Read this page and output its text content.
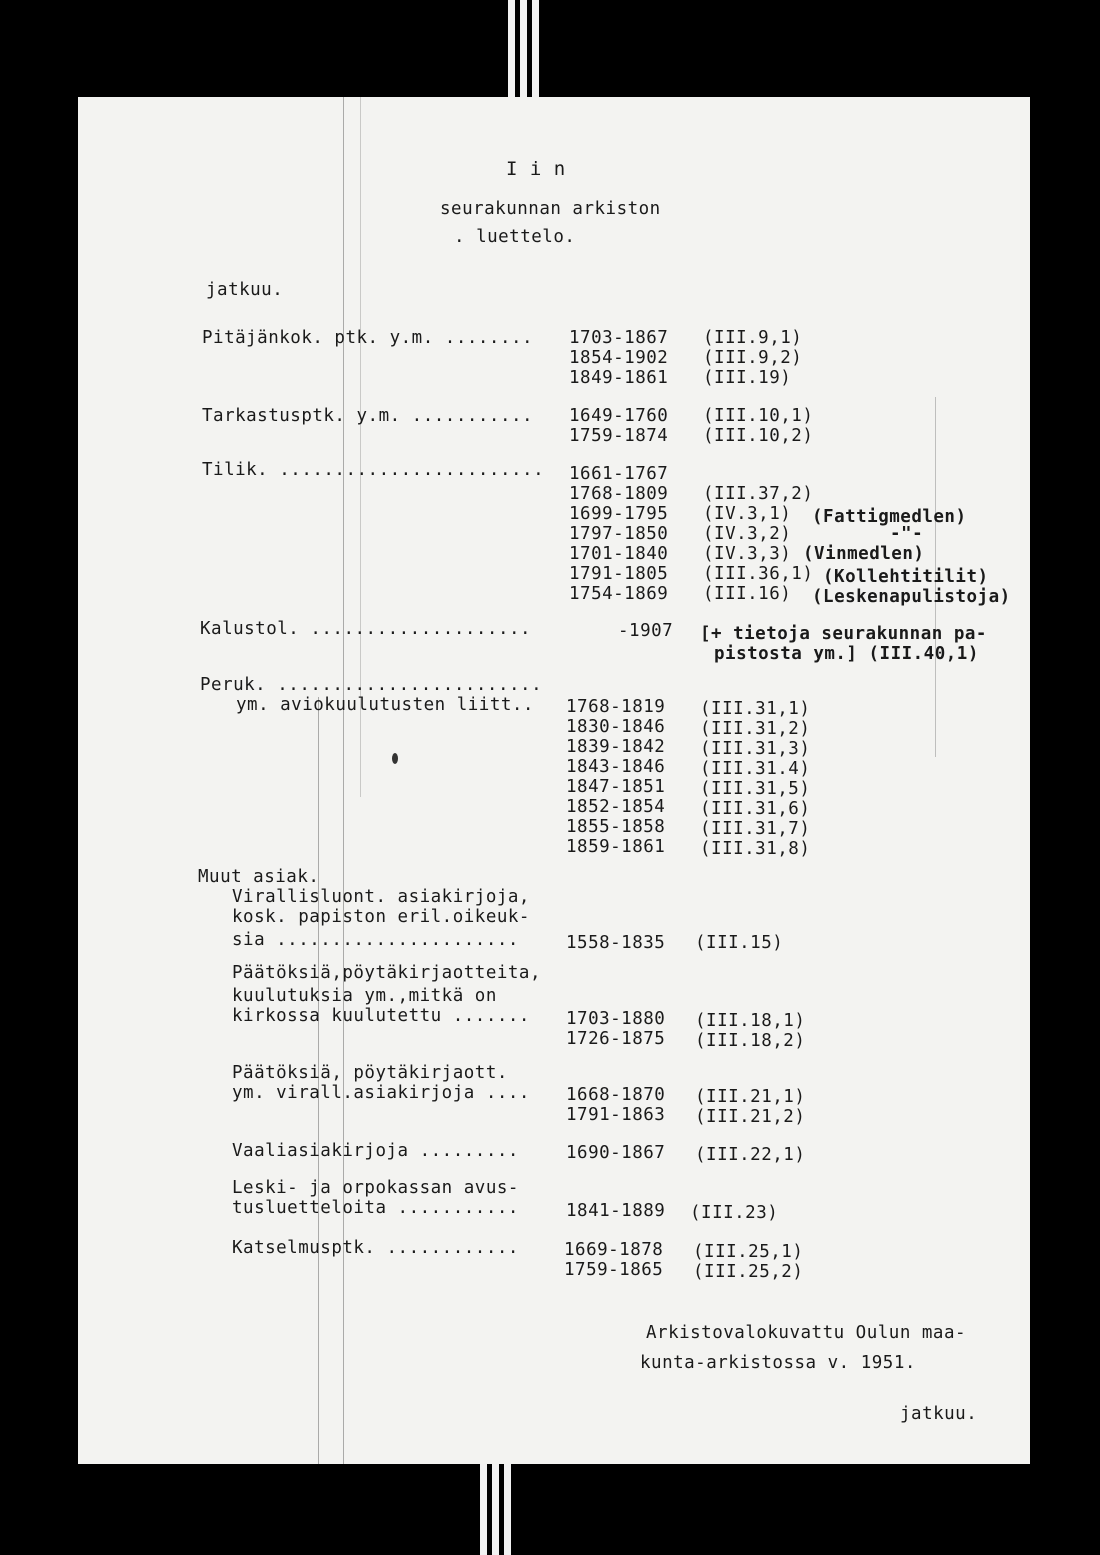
I i n
seurakunnan arkiston
. luettelo.
jatkuu.
Pitäjänkok. ptk. y.m. ........ 1703-1867 (III.9,1)
1854-1902 (III.9,2)
1849-1861 (III.19)
Tarkastusptk. y.m. ........... 1649-1760 (III.10,1)
1759-1874 (III.10,2)
Tilik. ........................ 1661-1767
1768-1809 (III.37,2)
1699-1795 (IV.3,1) (Fattigmedlen)
1797-1850 (IV.3,2)	-"-
1701-1840 (IV.3,3) (Vinmedlen)
1791-1805 (III.36,1) (Kollehtitilit)
1754-1869 (III.16) (Leskenapulistoja)
Kalustol. ....................	-1907 [+ tietoja seurakunnan pa-
pistosta ym.] (III.40,1)
Peruk. ........................
ym. aviokuulutusten liitt.. 1768-1819 (III.31,1)
1830-1846 (III.31,2)
1839-1842 (III.31,3)
1843-1846 (III.31.4)
1847-1851 (III.31,5)
1852-1854 (III.31,6)
1855-1858 (III.31,7)
1859-1861 (III.31,8)
Muut asiak.
Virallisluont. asiakirjoja,
kosk. papiston eril.oikeuk-
sia ......................	1558-1835 (III.15)
Päätöksiä,pöytäkirjaotteita,
kuulutuksia ym.,mitkä on
kirkossa kuulutettu ....... 1703-1880 (III.18,1)
1726-1875 (III.18,2)
Päätöksiä, pöytäkirjaott.
ym. virall.asiakirjoja .... 1668-1870 (III.21,1)
1791-1863 (III.21,2)
Vaaliasiakirjoja .........	1690-1867 (III.22,1)
Leski- ja orpokassan avus-
tusluetteloita ...........	1841-1889 (III.23)
Katselmusptk. ............	1669-1878 (III.25,1)
1759-1865 (III.25,2)
Arkistovalokuvattu Oulun maa-
kunta-arkistossa v. 1951.
jatkuu.
